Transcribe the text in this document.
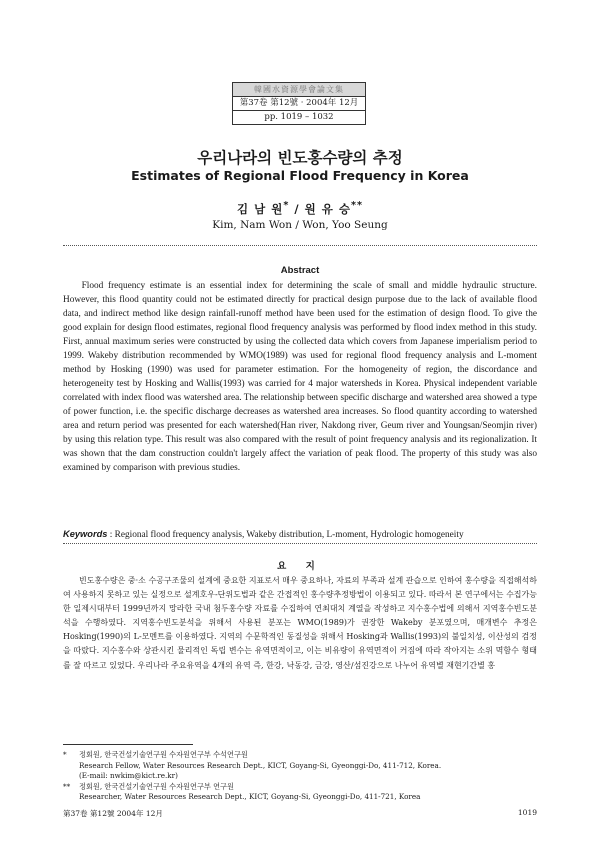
韓國水資源學會論文集
第37卷 第12號 · 2004年 12月
pp. 1019 – 1032
우리나라의 빈도홍수량의 추정
Estimates of Regional Flood Frequency in Korea
김 남 원* / 원 유 승**
Kim, Nam Won / Won, Yoo Seung
Abstract
Flood frequency estimate is an essential index for determining the scale of small and middle hydraulic structure. However, this flood quantity could not be estimated directly for practical design purpose due to the lack of available flood data, and indirect method like design rainfall-runoff method have been used for the estimation of design flood. To give the good explain for design flood estimates, regional flood frequency analysis was performed by flood index method in this study. First, annual maximum series were constructed by using the collected data which covers from Japanese imperialism period to 1999. Wakeby distribution recommended by WMO(1989) was used for regional flood frequency analysis and L-moment method by Hosking (1990) was used for parameter estimation. For the homogeneity of region, the discordance and heterogeneity test by Hosking and Wallis(1993) was carried for 4 major watersheds in Korea. Physical independent variable correlated with index flood was watershed area. The relationship between specific discharge and watershed area showed a type of power function, i.e. the specific discharge decreases as watershed area increases. So flood quantity according to watershed area and return period was presented for each watershed(Han river, Nakdong river, Geum river and Youngsan/Seomjin river) by using this relation type. This result was also compared with the result of point frequency analysis and its regionalization. It was shown that the dam construction couldn't largely affect the variation of peak flood. The property of this study was also examined by comparison with previous studies.
Keywords : Regional flood frequency analysis, Wakeby distribution, L-moment, Hydrologic homogeneity
요 지
빈도홍수량은 중·소 수공구조물의 설계에 중요한 지표로서 매우 중요하나, 자료의 부족과 설계 관습으로 인하여 홍수량을 직접해석하여 사용하지 못하고 있는 실정으로 설계호우-단위도법과 같은 간접적인 홍수량추정방법이 이용되고 있다. 따라서 본 연구에서는 수집가능한 일제시대부터 1999년까지 망라한 국내 첨두홍수량 자료를 수집하여 연최대치 계열을 작성하고 지수홍수법에 의해서 지역홍수빈도분석을 수행하였다. 지역홍수빈도분석을 위해서 사용된 분포는 WMO(1989)가 권장한 Wakeby 분포였으며, 매개변수 추정은 Hosking(1990)의 L-모멘트를 이용하였다. 지역의 수문학적인 동질성을 위해서 Hosking과 Wallis(1993)의 불일치성, 이산성의 검정을 따랐다. 지수홍수와 상관시킨 물리적인 독립 변수는 유역면적이고, 이는 비유량이 유역면적이 커짐에 따라 작아지는 소위 멱함수 형태를 잘 따르고 있었다. 우리나라 주요유역을 4개의 유역 즉, 한강, 낙동강, 금강, 영산/섬진강으로 나누어 유역별 재현기간별 홍
* 정회원, 한국건설기술연구원 수자원연구부 수석연구원
Research Fellow, Water Resources Research Dept., KICT, Goyang-Si, Gyeonggi-Do, 411-712, Korea.
(E-mail: nwkim@kict.re.kr)
** 정회원, 한국건설기술연구원 수자원연구부 연구원
Researcher, Water Resources Research Dept., KICT, Goyang-Si, Gyeonggi-Do, 411-721, Korea
第37卷 第12號 2004年 12月	1019
